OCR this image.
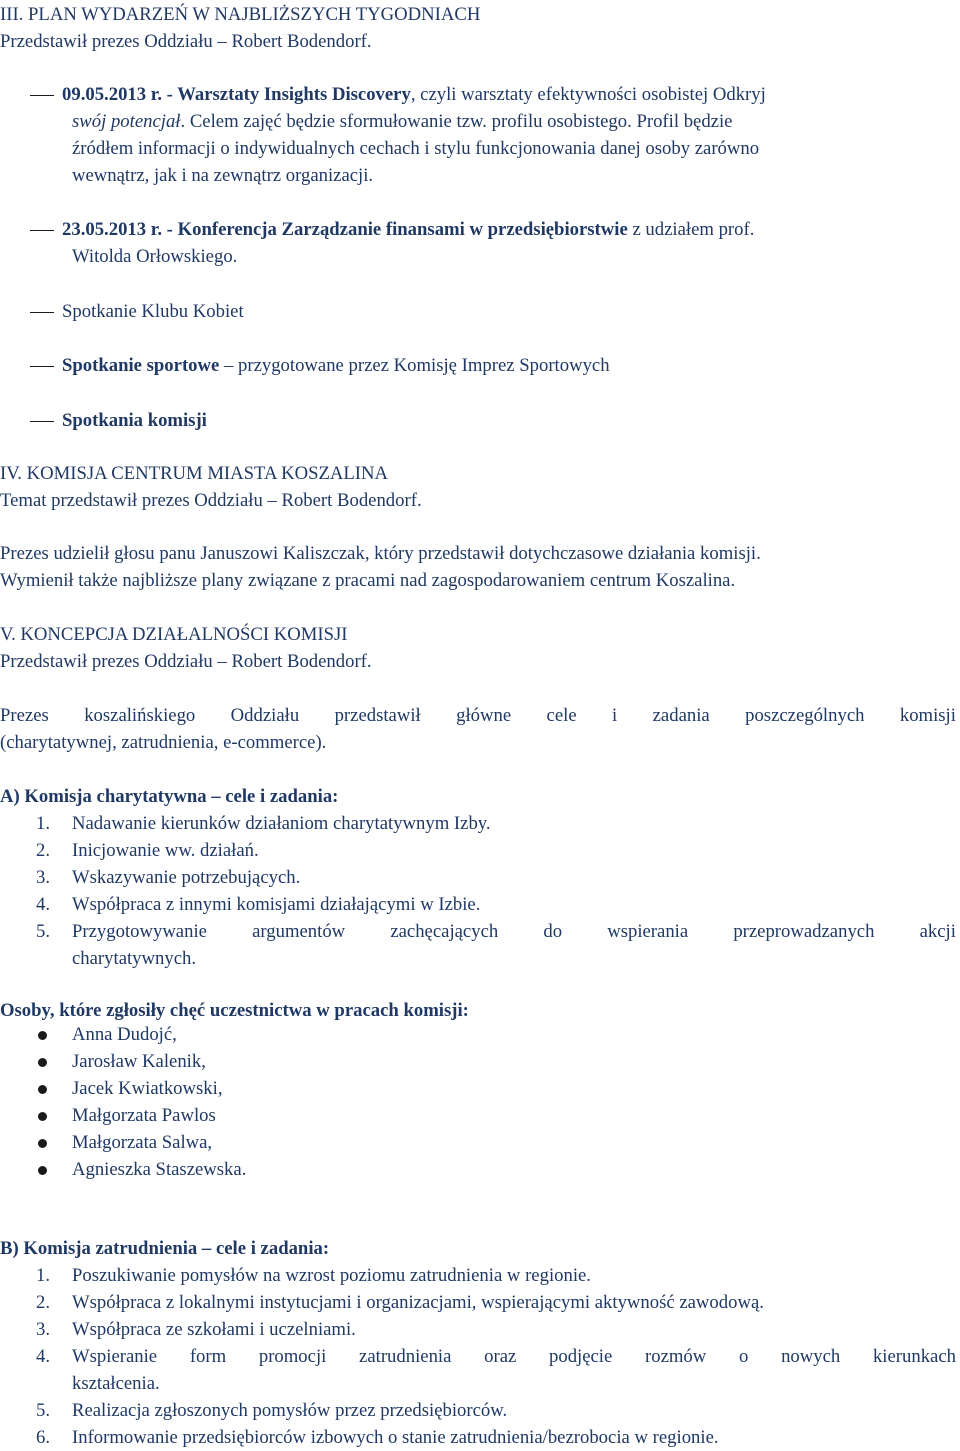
III. PLAN WYDARZEŃ W NAJBLIŻSZYCH TYGODNIACH
Przedstawił prezes Oddziału – Robert Bodendorf.
09.05.2013 r. - Warsztaty Insights Discovery, czyli warsztaty efektywności osobistej Odkryj
swój potencjał. Celem zajęć będzie sformułowanie tzw. profilu osobistego. Profil będzie
źródłem informacji o indywidualnych cechach i stylu funkcjonowania danej osoby zarówno
wewnątrz, jak i na zewnątrz organizacji.
23.05.2013 r. - Konferencja Zarządzanie finansami w przedsiębiorstwie z udziałem prof.
Witolda Orłowskiego.
Spotkanie Klubu Kobiet
Spotkanie sportowe – przygotowane przez Komisję Imprez Sportowych
Spotkania komisji
IV. KOMISJA CENTRUM MIASTA KOSZALINA
Temat przedstawił prezes Oddziału – Robert Bodendorf.
Prezes udzielił głosu panu Januszowi Kaliszczak, który przedstawił dotychczasowe działania komisji.
Wymienił także najbliższe plany związane z pracami nad zagospodarowaniem centrum Koszalina.
V. KONCEPCJA DZIAŁALNOŚCI KOMISJI
Przedstawił prezes Oddziału – Robert Bodendorf.
Prezes koszalińskiego Oddziału przedstawił główne cele i zadania poszczególnych komisji
(charytatywnej, zatrudnienia, e-commerce).
A) Komisja charytatywna – cele i zadania:
1. Nadawanie kierunków działaniom charytatywnym Izby.
2. Inicjowanie ww. działań.
3. Wskazywanie potrzebujących.
4. Współpraca z innymi komisjami działającymi w Izbie.
5. Przygotowywanie argumentów zachęcających do wspierania przeprowadzanych akcji
charytatywnych.
Osoby, które zgłosiły chęć uczestnictwa w pracach komisji:
Anna Dudojć,
Jarosław Kalenik,
Jacek Kwiatkowski,
Małgorzata Pawlos
Małgorzata Salwa,
Agnieszka Staszewska.
B) Komisja zatrudnienia – cele i zadania:
1. Poszukiwanie pomysłów na wzrost poziomu zatrudnienia w regionie.
2. Współpraca z lokalnymi instytucjami i organizacjami, wspierającymi aktywność zawodową.
3. Współpraca ze szkołami i uczelniami.
4. Wspieranie form promocji zatrudnienia oraz podjęcie rozmów o nowych kierunkach
kształcenia.
5. Realizacja zgłoszonych pomysłów przez przedsiębiorców.
6. Informowanie przedsiębiorców izbowych o stanie zatrudnienia/bezrobocia w regionie.
